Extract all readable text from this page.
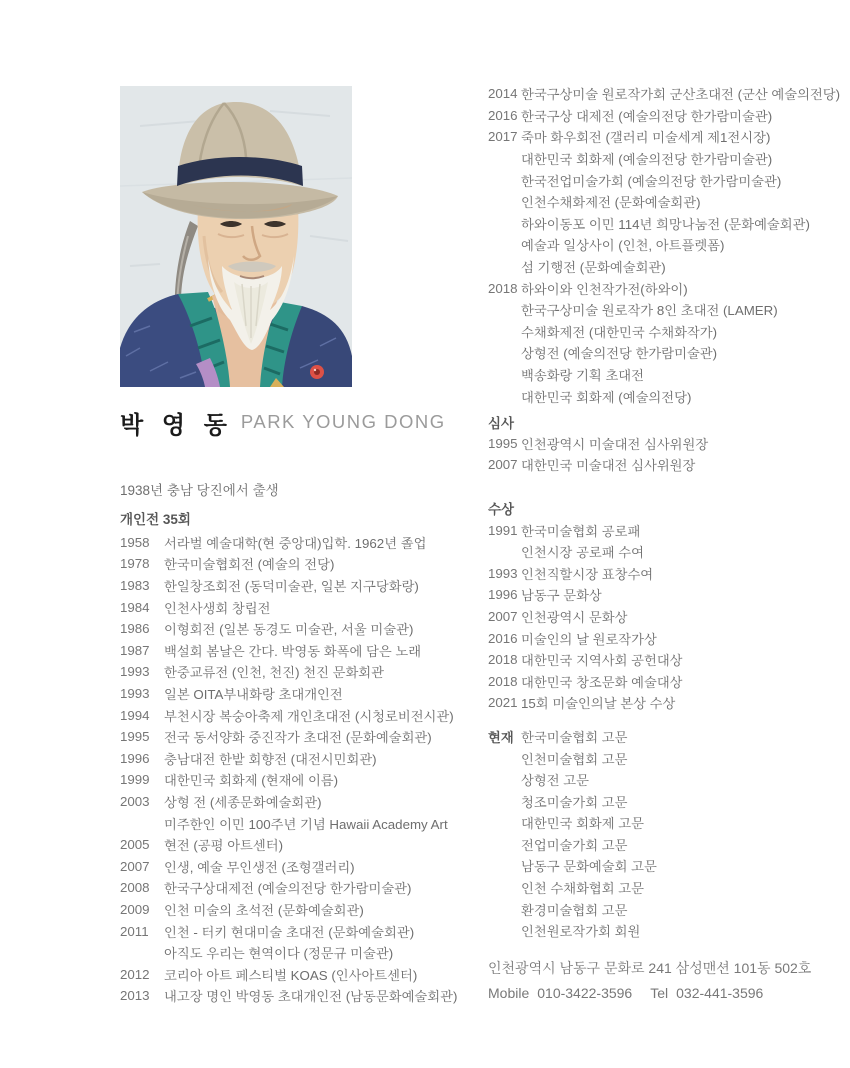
박 영 동 PARK YOUNG DONG
1938년 충남 당진에서 출생
개인전 35회
1958	서라벌 예술대학(현 중앙대)입학. 1962년 졸업
1978	한국미술협회전 (예술의 전당)
1983	한일창조회전 (동덕미술관, 일본 지구당화랑)
1984	인천사생회 창립전
1986	이형회전 (일본 동경도 미술관, 서울 미술관)
1987	백설회 봄날은 간다. 박영동 화폭에 담은 노래
1993	한중교류전 (인천, 천진) 천진 문화회관
1993	일본 OITA부내화랑 초대개인전
1994	부천시장 복숭아축제 개인초대전 (시청로비전시관)
1995	전국 동서양화 중진작가 초대전 (문화예술회관)
1996	충남대전 한밭 회향전 (대전시민회관)
1999	대한민국 회화제 (현재에 이름)
2003	상형 전 (세종문화예술회관)
미주한인 이민 100주년 기념 Hawaii Academy Art
2005	현전 (공평 아트센터)
2007	인생, 예술 무인생전 (조형갤러리)
2008	한국구상대제전 (예술의전당 한가람미술관)
2009	인천 미술의 초석전 (문화예술회관)
2011	인천 - 터키 현대미술 초대전 (문화예술회관)
아직도 우리는 현역이다 (정문규 미술관)
2012	코리아 아트 페스티벌 KOAS (인사아트센터)
2013	내고장 명인 박영동 초대개인전 (남동문화예술회관)
2014 한국구상미술 원로작가회 군산초대전 (군산 예술의전당)
2016 한국구상 대제전 (예술의전당 한가람미술관)
2017 죽마 화우회전 (갤러리 미술세계 제1전시장)
대한민국 회화제 (예술의전당 한가람미술관)
한국전업미술가회 (예술의전당 한가람미술관)
인천수채화제전 (문화예술회관)
하와이동포 이민 114년 희망나눔전 (문화예술회관)
예술과 일상사이 (인천, 아트플렛폼)
섬 기행전 (문화예술회관)
2018 하와이와 인천작가전(하와이)
한국구상미술 원로작가 8인 초대전 (LAMER)
수채화제전 (대한민국 수채화작가)
상형전 (예술의전당 한가람미술관)
백송화랑 기획 초대전
대한민국 회화제 (예술의전당)
심사
1995 인천광역시 미술대전 심사위원장
2007 대한민국 미술대전 심사위원장
수상
1991 한국미술협회 공로패
인천시장 공로패 수여
1993 인천직할시장 표창수여
1996 남동구 문화상
2007 인천광역시 문화상
2016 미술인의 날 원로작가상
2018 대한민국 지역사회 공헌대상
2018 대한민국 창조문화 예술대상
2021 15회 미술인의날 본상 수상
현재 한국미술협회 고문
인천미술협회 고문
상형전 고문
청조미술가회 고문
대한민국 회화제 고문
전업미술가회 고문
남동구 문화예술회 고문
인천 수채화협회 고문
환경미술협회 고문
인천원로작가회 회원
인천광역시 남동구 문화로 241 삼성맨션 101동 502호
Mobile 010-3422-3596 Tel 032-441-3596
